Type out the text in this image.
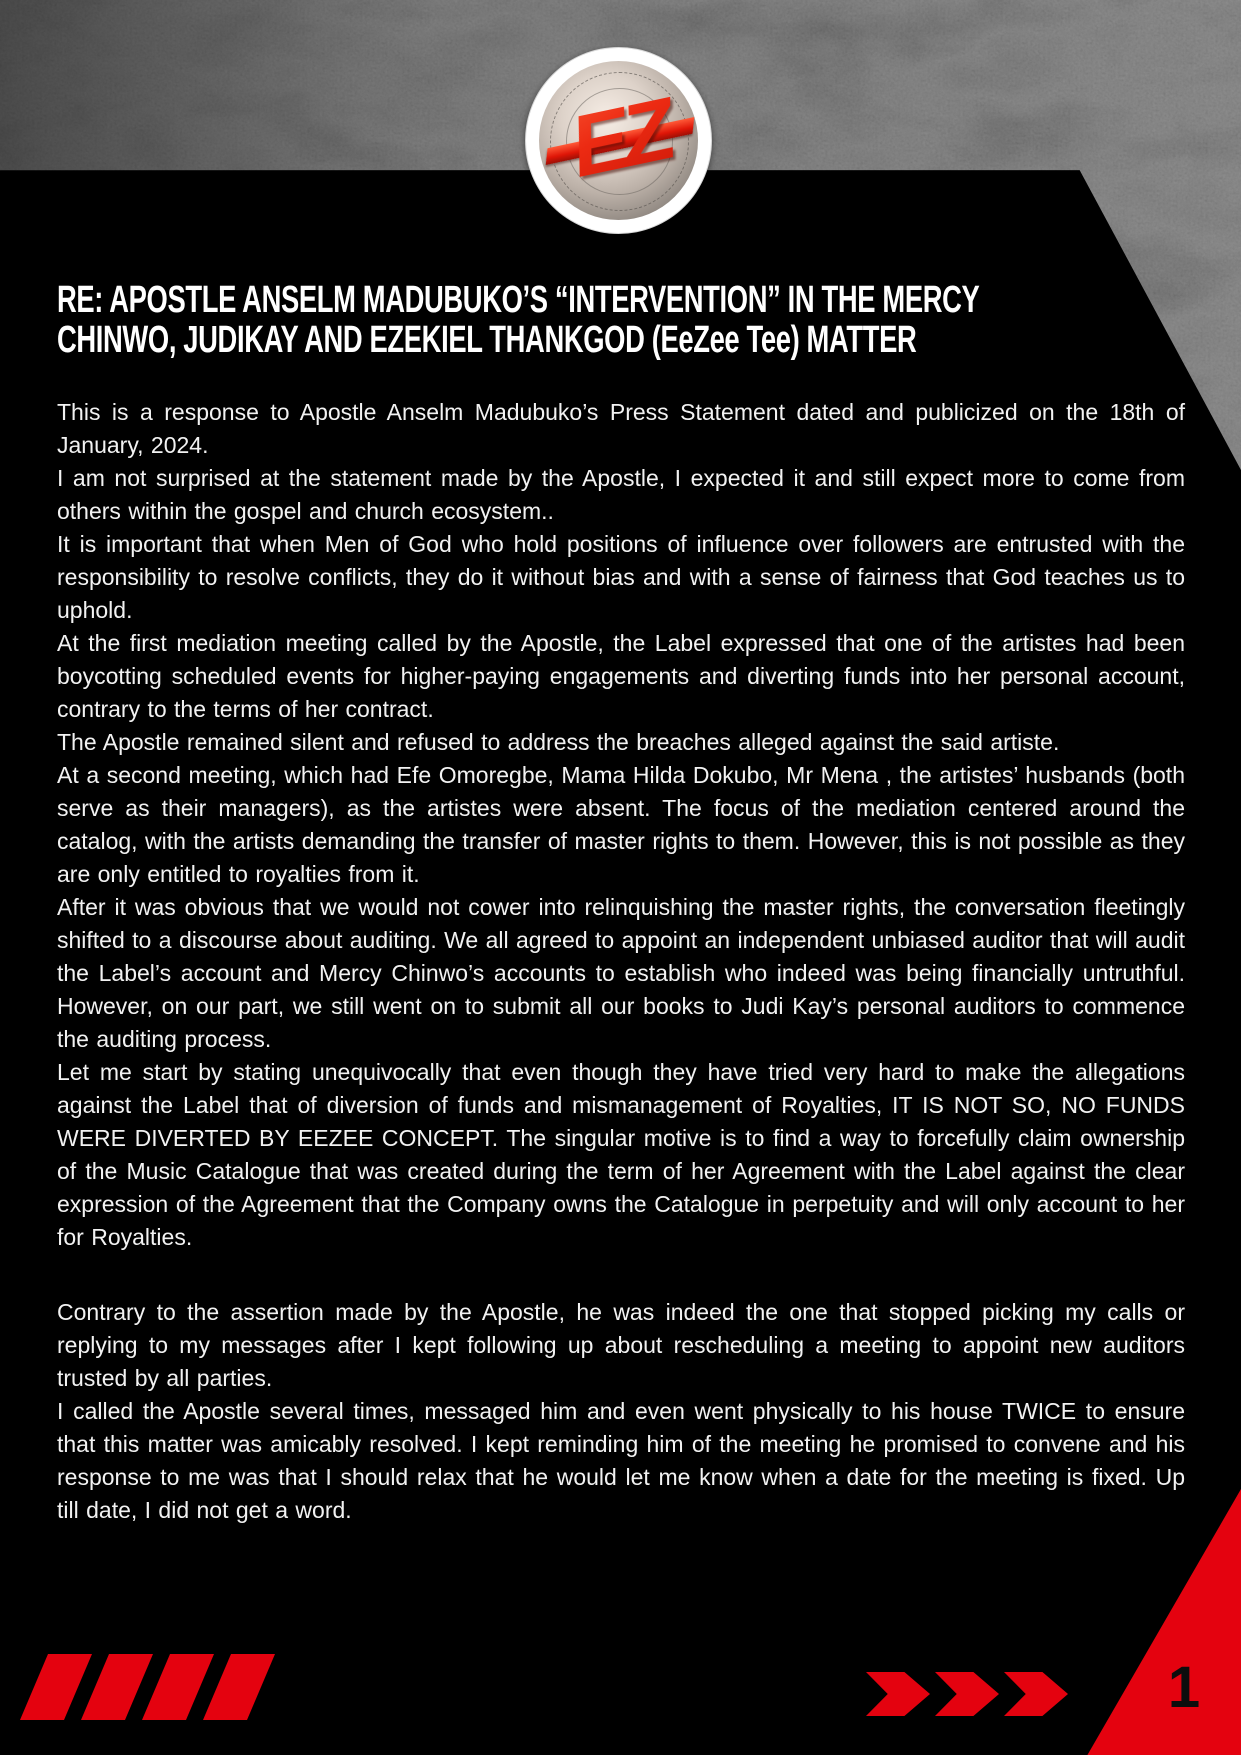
EZ
RE: APOSTLE ANSELM MADUBUKO’S “INTERVENTION” IN THE MERCY
CHINWO, JUDIKAY AND EZEKIEL THANKGOD (EeZee Tee) MATTER

This is a response to Apostle Anselm Madubuko’s Press Statement dated and publicized on the 18th of January, 2024.

I am not surprised at the statement made by the Apostle, I expected it and still expect more to come from others within the gospel and church ecosystem..

It is important that when Men of God who hold positions of influence over followers are entrusted with the responsibility to resolve conflicts, they do it without bias and with a sense of fairness that God teaches us to uphold.

At the first mediation meeting called by the Apostle, the Label expressed that one of the artistes had been boycotting scheduled events for higher-paying engagements and diverting funds into her personal account, contrary to the terms of her contract.

The Apostle remained silent and refused to address the breaches alleged against the said artiste.

At a second meeting, which had Efe Omoregbe, Mama Hilda Dokubo, Mr Mena , the artistes’ husbands (both serve as their managers), as the artistes were absent. The focus of the mediation centered around the catalog, with the artists demanding the transfer of master rights to them. However, this is not possible as they are only entitled to royalties from it.

After it was obvious that we would not cower into relinquishing the master rights, the conversation fleetingly shifted to a discourse about auditing. We all agreed to appoint an independent unbiased auditor that will audit the Label’s account and Mercy Chinwo’s accounts to establish who indeed was being financially untruthful. However, on our part, we still went on to submit all our books to Judi Kay’s personal auditors to commence the auditing process.

Let me start by stating unequivocally that even though they have tried very hard to make the allegations against the Label that of diversion of funds and mismanagement of Royalties, IT IS NOT SO, NO FUNDS WERE DIVERTED BY EEZEE CONCEPT. The singular motive is to find a way to forcefully claim ownership of the Music Catalogue that was created during the term of her Agreement with the Label against the clear expression of the Agreement that the Company owns the Catalogue in perpetuity and will only account to her for Royalties.

Contrary to the assertion made by the Apostle, he was indeed the one that stopped picking my calls or replying to my messages after I kept following up about rescheduling a meeting to appoint new auditors trusted by all parties.

I called the Apostle several times, messaged him and even went physically to his house TWICE to ensure that this matter was amicably resolved. I kept reminding him of the meeting he promised to convene and his response to me was that I should relax that he would let me know when a date for the meeting is fixed. Up till date, I did not get a word.

1
